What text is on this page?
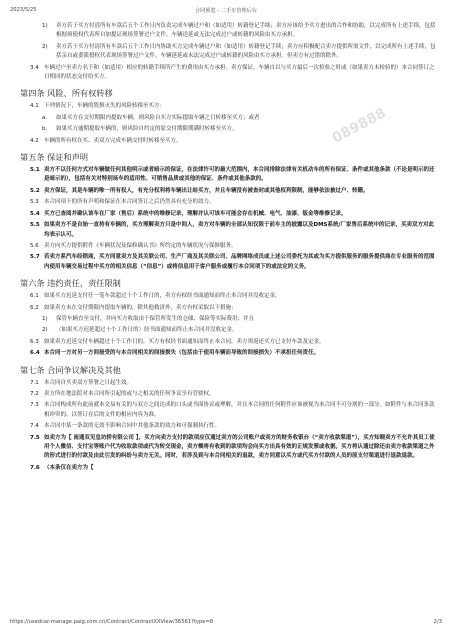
2023/5/25	合同预览 - 二手车管理后台
089888
1) 卖方若于买方付清所有车款后五个工作日内负责完成车辆过户和（如适用）转籍登记手续；卖方应该给予买方进出的合作和协助，以完成所有上述手续，包括根据须使权代表所自加提证现场签署过户文件。车辆送延或无法完成过户或转籍的风险由买方承担。
2) 卖方若于买方付清所有车款后五个工作日内协助买方完成车辆过户和（如适用）转籍登记手续；卖方应积极配合卖方提供所需文件，以完成所有上述手续，包括亲自或委派授权代表现场签署过户文件。车辆延延或未法完成过户或转籍的风险由买方承担。但卖方有过错的除外。
3.4 车辆过户至卖方名下和（如适用）相应的转籍手续所产生的费用由买方承担。卖方保证，车辆自以与买方最后一次检验之时或（如果卖方未检验的）本合同签订之日相同的状态交付给买方。
第四条 风险、所有权转移
4.1 下列情况下，车辆的毁损灭失的风险转移至买方：
a. 如果买方在交付期限内提取车辆，则风险自买方实际提取车辆之日转移至买方；或者
b. 如果买方逾期提取车辆的，则风险自约定的原交付期限期满时转移至买方。
4.2 车辆的所有权在买、卖双方完成车辆交付时转移至买方。
第五条 保证和声明
5.1 卖方不以任何方式对车辆做任何其他明示或者暗示的保证，在法律许可的最大范围内，本合同排除法律有关机动车的所有保证、条件或其他条款（不论是明示的还是暗示的），包括有关对特别场车的适用性、可销售品质或其他的保证、条件或其他条款的。
5.2 卖方保证，其是车辆的唯一所有权人，有充分权利将车辆出让给买方，并且车辆没有被查封或其他权利限制，能够依法被过户、转籍。
5.3 本合同项下的所有声明和保证在本合同签订之后仍然具有充分的效力。
5.4 买方已查阅并确认该车在厂家（售后）系统中的维修记录，理解并认可该车可能会存在机械、电气、油漆、钣金等维修记录。
5.5 如果卖方不是自始一直持有车辆的，买方理解卖方只是中间人，卖方对车辆的全部认知仅限于前车主的披露以及DMS系统/厂家售后系统中的记录，买卖双方对此均表示认可。
5.6 卖方向买方提供附件《车辆状况及保修确认书》所约定的车辆状况与保修服务。
5.7 若卖方系汽车经销商，买方同意卖方及其关联公司、生产厂商及其关联公司、品牌网络成员或上述公司委托为其或为买方提供服务的服务提供商在专业服务的范围内使用车辆交易过程中买方的相关信息（“信息”）或将信息用于客户服务或履行本合同项下的或法定的义务。
第六条 违约责任，责任限制
6.1 如果买方迟延支付任一笔车款超过十个工作日的，卖方有权经书面通知而终止本合同并没收定金。
6.2 如果卖方未在交付期限内提取车辆的，除其他救济外，卖方有权采取以下措施：
1) 保管车辆直至交付，并向买方收取由于保管所发生的仓储、保险等实际费用；并且
2) （如果买方迟延超过十个工作日的）经书面通知而终止本合同并没收定金。
6.3 如果卖方迟延交付车辆超过十个工作日的，买方有权经书面通知而终止本合同，卖方须返还买方已支付车款及定金。
6.4 本合同一方对另一方间接受的与本合同相关的间接损失（包括由于使用车辆而导致的间接损失）不承担任何责任。
第七条 合同争议解决及其他
7.1 本合同自买卖双方签署之日起生效。
7.2 卖方所在地法院对本合同所引起的或与之相关的任何争议享有管辖权。
7.3 本合同构成所有此前就本交易有关的与双方之间达成的口头或书面协议或理解，并且本合同的任何附件应该被视为本合同不可分割的一部分。如附件与本合同条款相冲突的，以签订在后的文件的相应内容为准。
7.4 本合同中某一条款的无效不影响合同中其他条款的效力和可强制执行性。
7.5 如卖方为【 南通双见皇坊轿有限公司 】，买方向卖方支付的款项应仅通过卖方的公司账户或卖方的财务收银台（“卖方收款渠道”），买方知晓卖方不允许其员工使用个人微信、支付宝等账户代为收取款项或代为转交现金，卖方概将有收到的款项均会向买方出具有效的正规发票或收据。买方将认通过除还由卖方收款渠道之外的形式进行的付款及由此引发的纠纷与卖方无关。同时，若涉及到与本合同相关的退款，卖方同意以买方或代买方付款的人员的原支付渠道进行退款退款。
7.6 （本条仅在卖方为【
https://usedcar-manage.paig.com.cn/Contract/ContractXXView/36561?type=8	2/3
